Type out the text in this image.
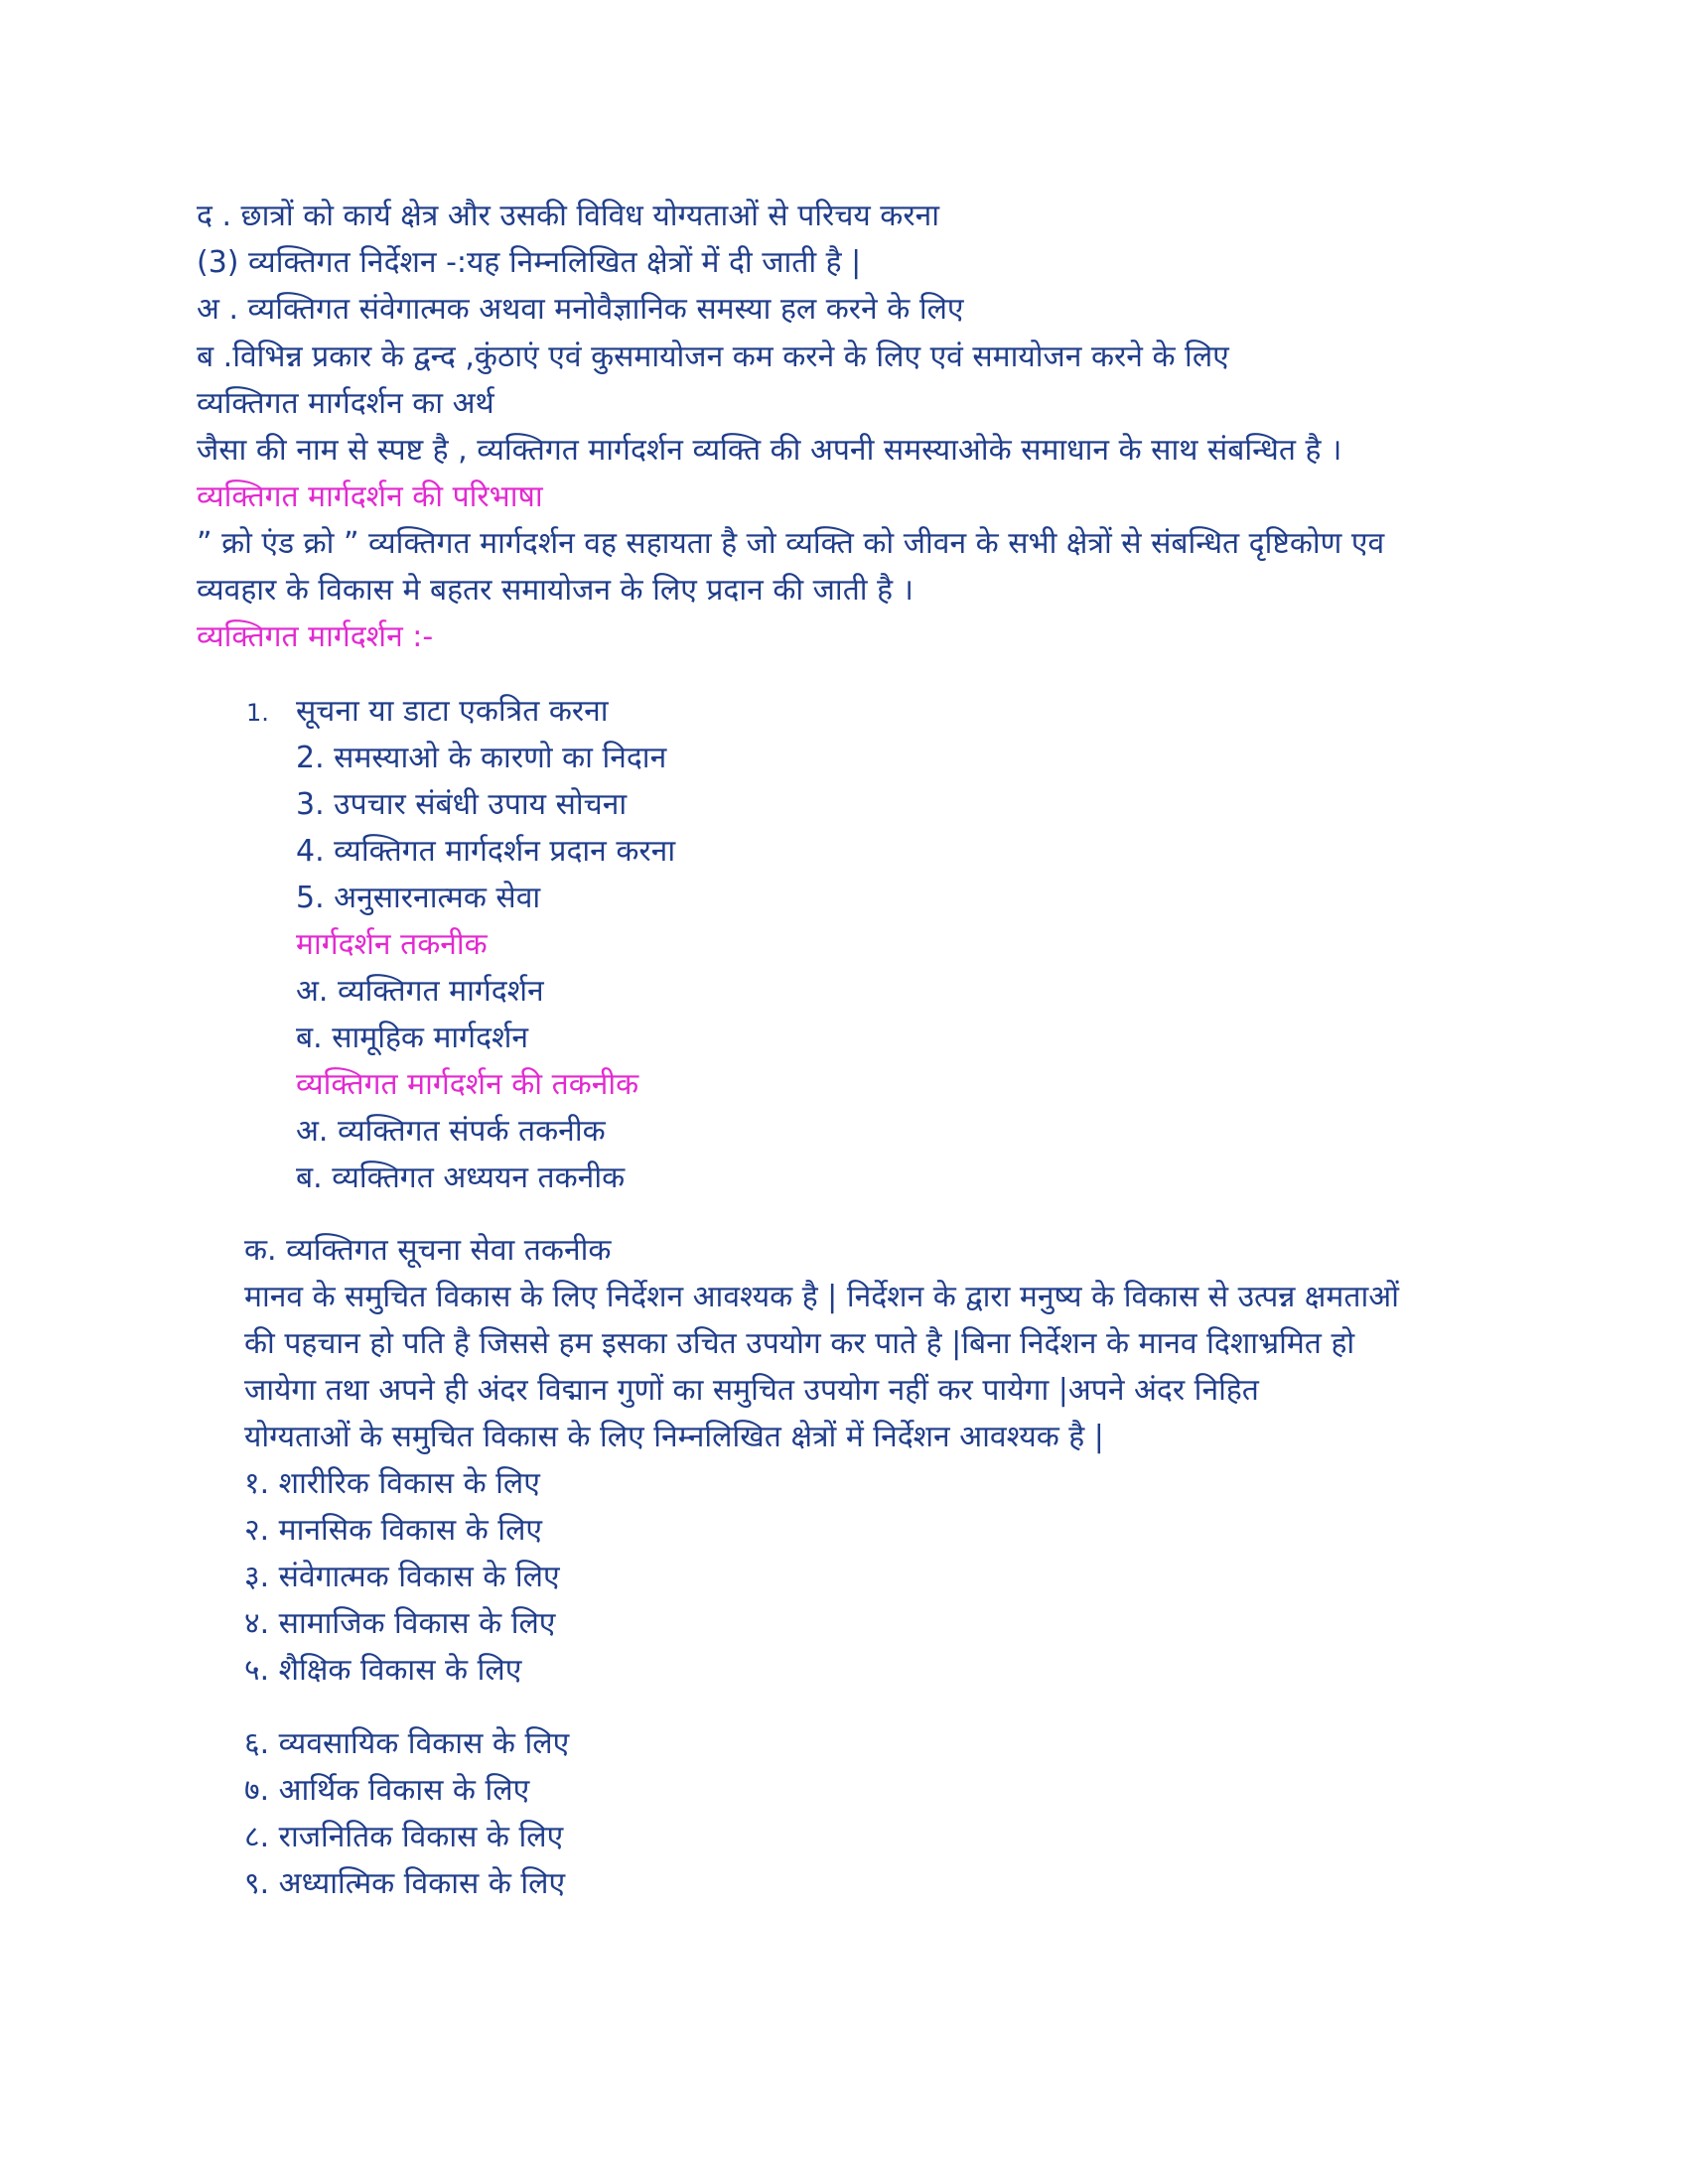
द . छात्रों को कार्य क्षेत्र और उसकी विविध योग्यताओं से परिचय करना
(3) व्यक्तिगत निर्देशन -:यह निम्नलिखित क्षेत्रों में दी जाती है |
अ . व्यक्तिगत संवेगात्मक अथवा मनोवैज्ञानिक समस्या हल करने के लिए
ब .विभिन्न प्रकार के द्वन्द ,कुंठाएं एवं कुसमायोजन कम करने के लिए एवं समायोजन करने के लिए
व्यक्तिगत मार्गदर्शन का अर्थ
जैसा की नाम से स्पष्ट है , व्यक्तिगत मार्गदर्शन व्यक्ति की अपनी समस्याओके समाधान के साथ संबन्धित है ।
व्यक्तिगत मार्गदर्शन की परिभाषा
” क्रो एंड क्रो ” व्यक्तिगत मार्गदर्शन वह सहायता है जो व्यक्ति को जीवन के सभी क्षेत्रों से संबन्धित दृष्टिकोण एव
व्यवहार के विकास मे बहतर समायोजन के लिए प्रदान की जाती है ।
व्यक्तिगत मार्गदर्शन :-
1. सूचना या डाटा एकत्रित करना
2. समस्याओ के कारणो का निदान
3. उपचार संबंधी उपाय सोचना
4. व्यक्तिगत मार्गदर्शन प्रदान करना
5. अनुसारनात्मक सेवा
मार्गदर्शन तकनीक
अ. व्यक्तिगत मार्गदर्शन
ब. सामूहिक मार्गदर्शन
व्यक्तिगत मार्गदर्शन की तकनीक
अ. व्यक्तिगत संपर्क तकनीक
ब. व्यक्तिगत अध्ययन तकनीक
क. व्यक्तिगत सूचना सेवा तकनीक
मानव के समुचित विकास के लिए निर्देशन आवश्यक है | निर्देशन के द्वारा मनुष्य के विकास से उत्पन्न क्षमताओं
की पहचान हो पति है जिससे हम इसका उचित उपयोग कर पाते है |बिना निर्देशन के मानव दिशाभ्रमित हो
जायेगा तथा अपने ही अंदर विद्मान गुणों का समुचित उपयोग नहीं कर पायेगा |अपने अंदर निहित
योग्यताओं के समुचित विकास के लिए निम्नलिखित क्षेत्रों में निर्देशन आवश्यक है |
१. शारीरिक विकास के लिए
२. मानसिक विकास के लिए
३. संवेगात्मक विकास के लिए
४. सामाजिक विकास के लिए
५. शैक्षिक विकास के लिए
६. व्यवसायिक विकास के लिए
७. आर्थिक विकास के लिए
८. राजनितिक विकास के लिए
९. अध्यात्मिक विकास के लिए
